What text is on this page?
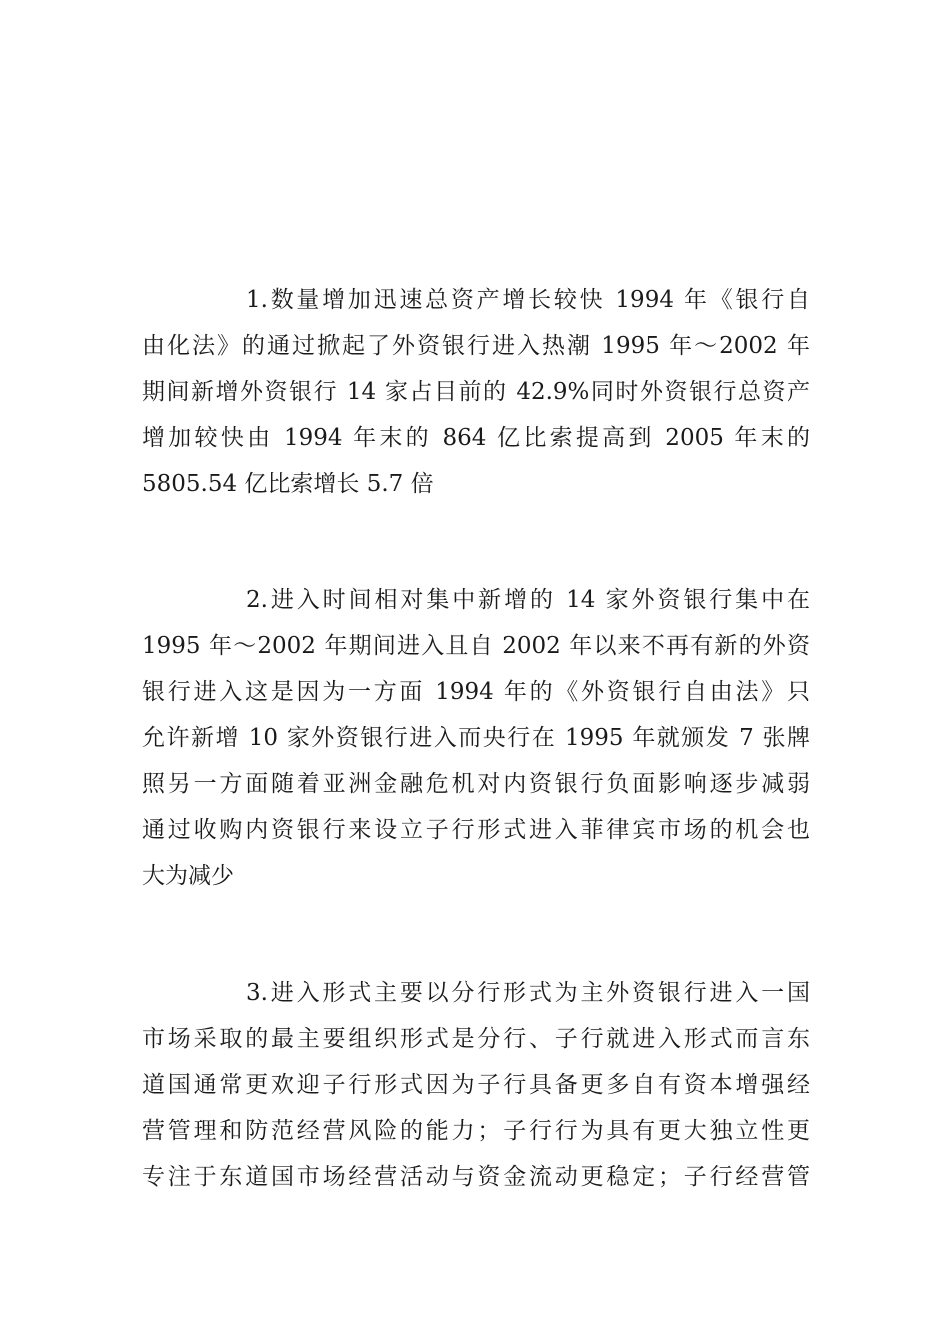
1.数量增加迅速总资产增长较快 1994 年《银行自
由化法》的通过掀起了外资银行进入热潮 1995 年～2002 年
期间新增外资银行 14 家占目前的 42.9%同时外资银行总资产
增加较快由 1994 年末的 864 亿比索提高到 2005 年末的
5805.54 亿比索增长 5.7 倍
2.进入时间相对集中新增的 14 家外资银行集中在
1995 年～2002 年期间进入且自 2002 年以来不再有新的外资
银行进入这是因为一方面 1994 年的《外资银行自由法》只
允许新增 10 家外资银行进入而央行在 1995 年就颁发 7 张牌
照另一方面随着亚洲金融危机对内资银行负面影响逐步减弱
通过收购内资银行来设立子行形式进入菲律宾市场的机会也
大为减少
3.进入形式主要以分行形式为主外资银行进入一国
市场采取的最主要组织形式是分行、子行就进入形式而言东
道国通常更欢迎子行形式因为子行具备更多自有资本增强经
营管理和防范经营风险的能力；子行行为具有更大独立性更
专注于东道国市场经营活动与资金流动更稳定；子行经营管
